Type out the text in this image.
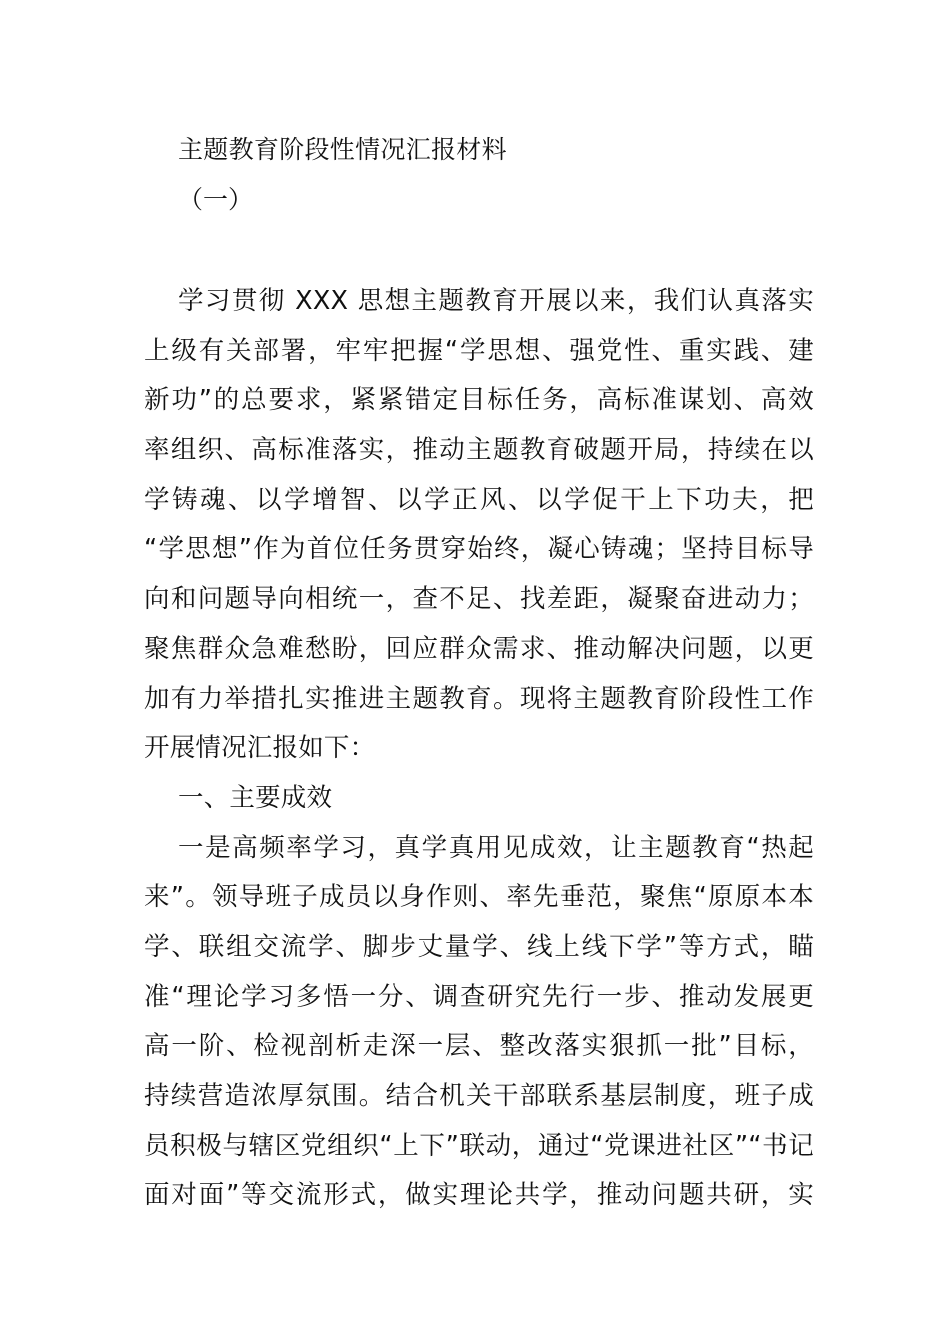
主题教育阶段性情况汇报材料
（一）
学习贯彻 XXX 思想主题教育开展以来，我们认真落实
上级有关部署，牢牢把握“学思想、强党性、重实践、建
新功”的总要求，紧紧错定目标任务，高标准谋划、高效
率组织、高标准落实，推动主题教育破题开局，持续在以
学铸魂、以学增智、以学正风、以学促干上下功夫，把
“学思想”作为首位任务贯穿始终，凝心铸魂；坚持目标导
向和问题导向相统一，查不足、找差距，凝聚奋进动力；
聚焦群众急难愁盼，回应群众需求、推动解决问题，以更
加有力举措扎实推进主题教育。现将主题教育阶段性工作
开展情况汇报如下：
一、主要成效
一是高频率学习，真学真用见成效，让主题教育“热起
来”。领导班子成员以身作则、率先垂范，聚焦“原原本本
学、联组交流学、脚步丈量学、线上线下学”等方式，瞄
准“理论学习多悟一分、调查研究先行一步、推动发展更
高一阶、检视剖析走深一层、整改落实狠抓一批”目标，
持续营造浓厚氛围。结合机关干部联系基层制度，班子成
员积极与辖区党组织“上下”联动，通过“党课进社区”“书记
面对面”等交流形式，做实理论共学，推动问题共研，实
